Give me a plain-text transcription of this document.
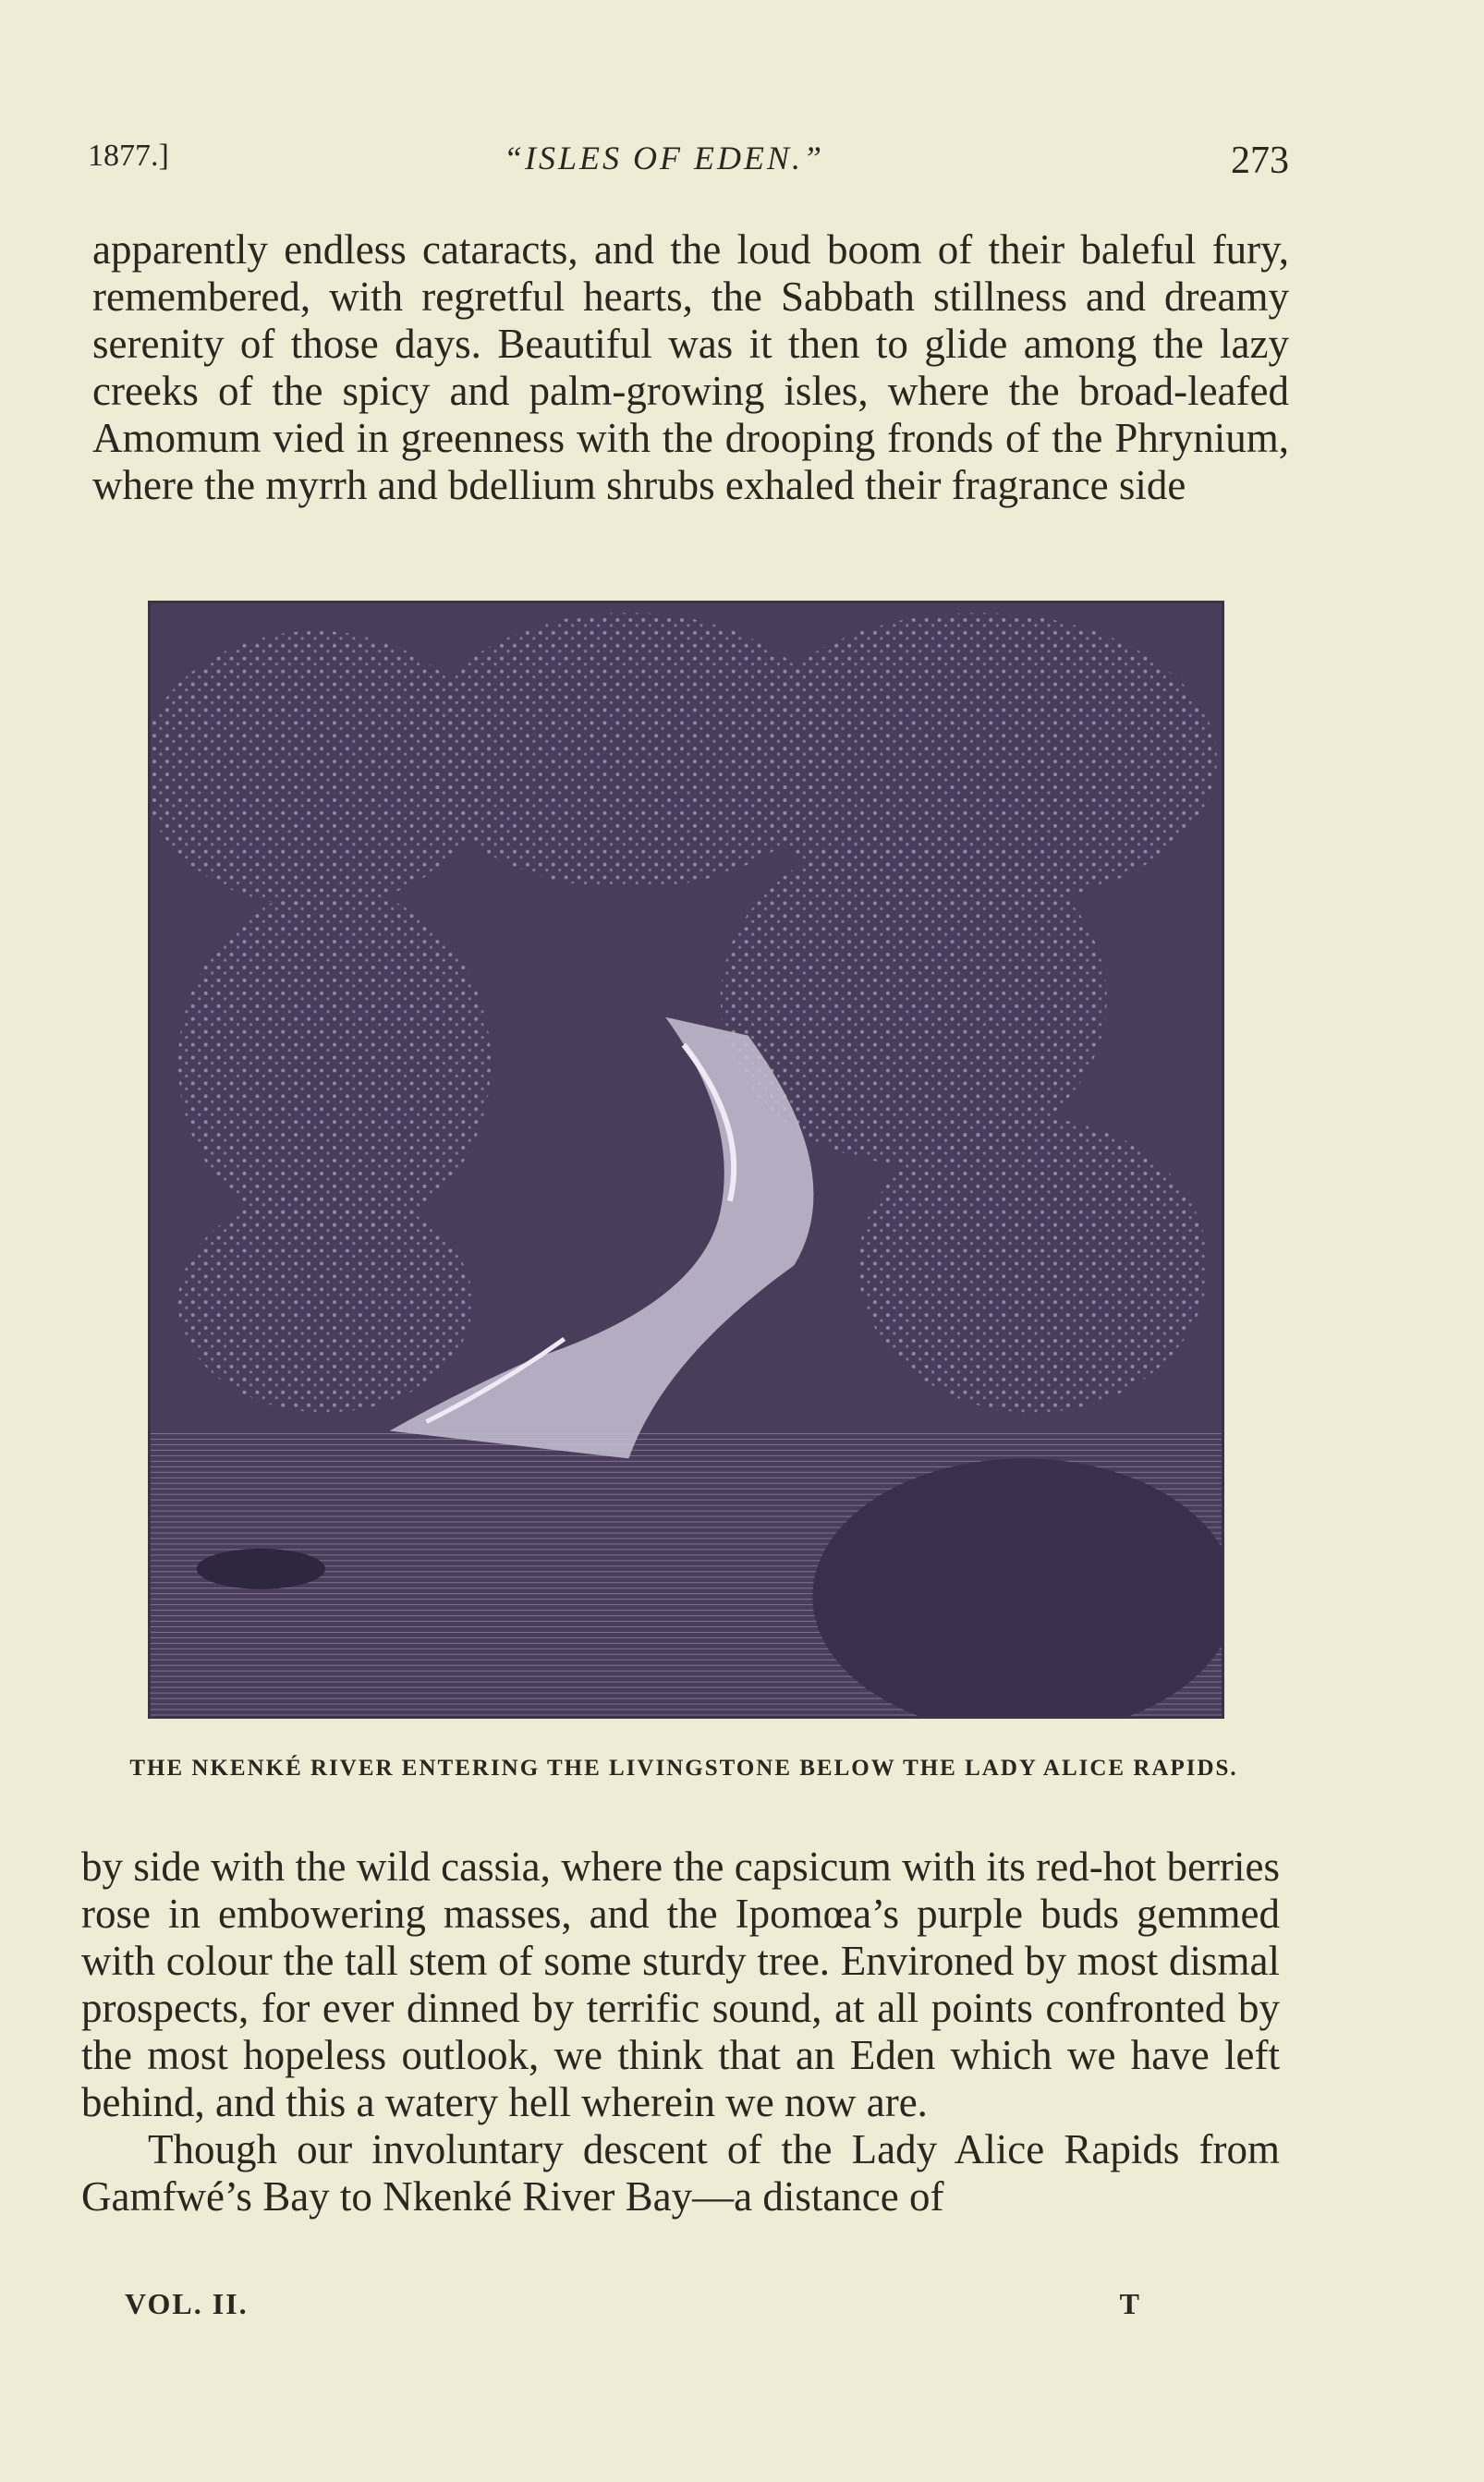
1877.]	“ISLES OF EDEN.”	273

apparently endless cataracts, and the loud boom of their baleful fury, remembered, with regretful hearts, the Sabbath stillness and dreamy serenity of those days. Beautiful was it then to glide among the lazy creeks of the spicy and palm-growing isles, where the broad-leafed Amomum vied in greenness with the drooping fronds of the Phrynium, where the myrrh and bdellium shrubs exhaled their fragrance side

THE NKENKÉ RIVER ENTERING THE LIVINGSTONE BELOW THE LADY ALICE RAPIDS.

by side with the wild cassia, where the capsicum with its red-hot berries rose in embowering masses, and the Ipomœa’s purple buds gemmed with colour the tall stem of some sturdy tree. Environed by most dismal prospects, for ever dinned by terrific sound, at all points confronted by the most hopeless outlook, we think that an Eden which we have left behind, and this a watery hell wherein we now are.

Though our involuntary descent of the Lady Alice Rapids from Gamfwé’s Bay to Nkenké River Bay—a distance of

VOL. II.	T
